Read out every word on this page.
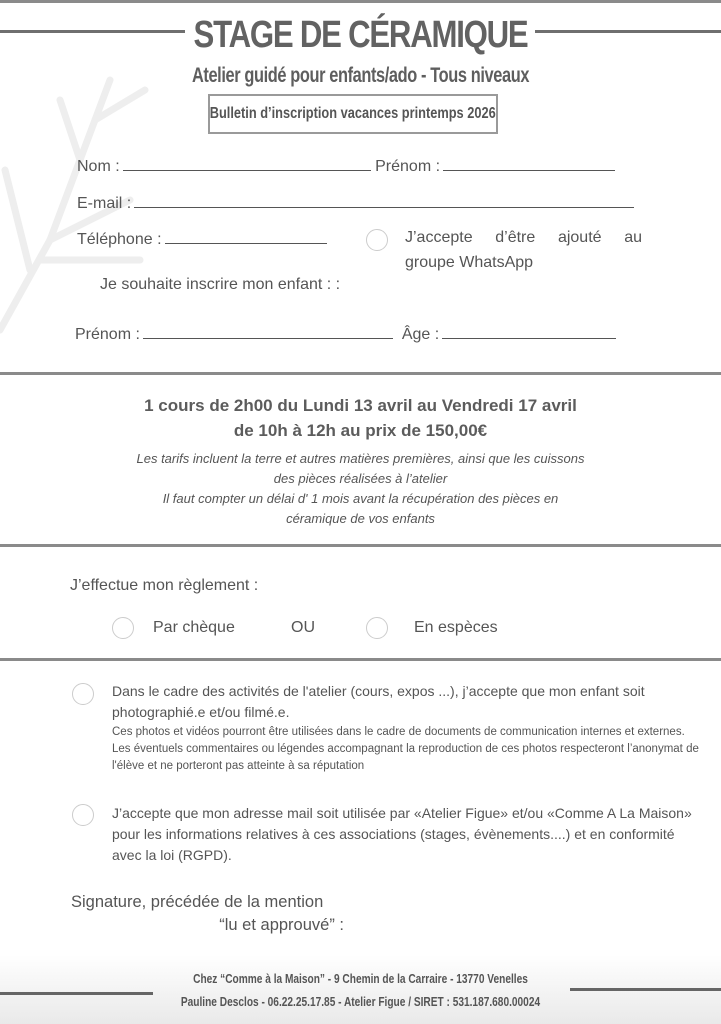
STAGE DE CÉRAMIQUE
Atelier guidé pour enfants/ado - Tous niveaux
Bulletin d’inscription vacances printemps 2026
Nom :	Prénom :
E-mail :
Téléphone :	J’accepte d’être ajouté au
groupe WhatsApp
Je souhaite inscrire mon enfant : :
Prénom :	Âge :
1 cours de 2h00 du Lundi 13 avril au Vendredi 17 avril
de 10h à 12h au prix de 150,00€
Les tarifs incluent la terre et autres matières premières, ainsi que les cuissons
des pièces réalisées à l’atelier
Il faut compter un délai d' 1 mois avant la récupération des pièces en
céramique de vos enfants
J’effectue mon règlement :
Par chèque	OU	En espèces
Dans le cadre des activités de l'atelier (cours, expos ...), j’accepte que mon enfant soit photographié.e et/ou filmé.e.
Ces photos et vidéos pourront être utilisées dans le cadre de documents de communication internes et externes. Les éventuels commentaires ou légendes accompagnant la reproduction de ces photos respecteront l’anonymat de l'élève et ne porteront pas atteinte à sa réputation
J’accepte que mon adresse mail soit utilisée par «Atelier Figue» et/ou «Comme A La Maison» pour les informations relatives à ces associations (stages, évènements....) et en conformité avec la loi (RGPD).
Signature, précédée de la mention
“lu et approuvé” :
Chez “Comme à la Maison” - 9 Chemin de la Carraire - 13770 Venelles
Pauline Desclos - 06.22.25.17.85 - Atelier Figue / SIRET : 531.187.680.00024
